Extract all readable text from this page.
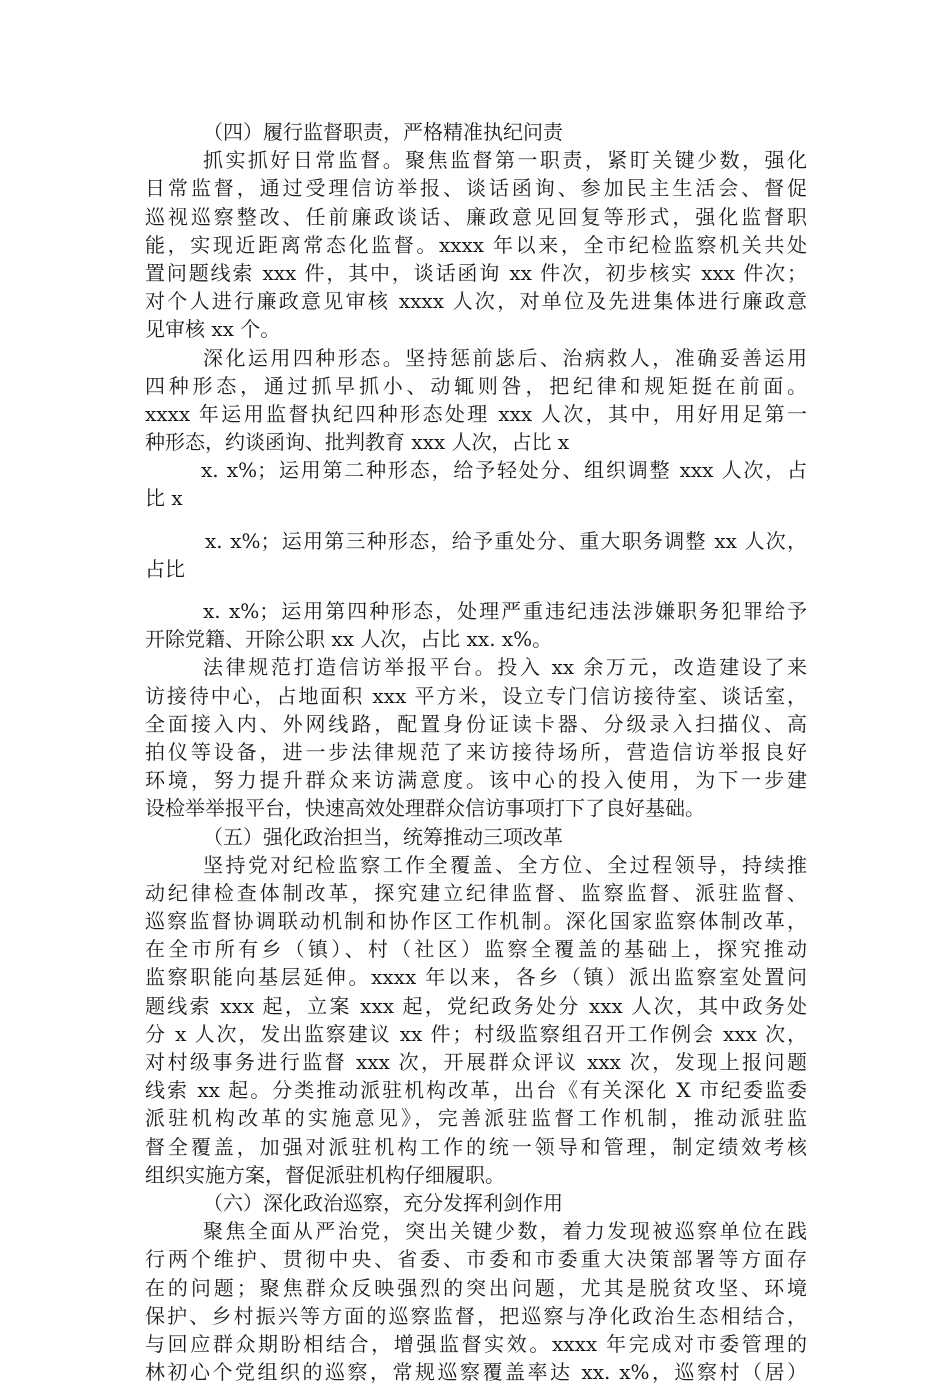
（四）履行监督职责，严格精准执纪问责
抓实抓好日常监督。聚焦监督第一职责，紧盯关键少数，强化
日常监督，通过受理信访举报、谈话函询、参加民主生活会、督促
巡视巡察整改、任前廉政谈话、廉政意见回复等形式，强化监督职
能，实现近距离常态化监督。xxxx 年以来，全市纪检监察机关共处
置问题线索 xxx 件，其中，谈话函询 xx 件次，初步核实 xxx 件次；
对个人进行廉政意见审核 xxxx 人次，对单位及先进集体进行廉政意
见审核 xx 个。
深化运用四种形态。坚持惩前毖后、治病救人，准确妥善运用
四种形态，通过抓早抓小、动辄则咎，把纪律和规矩挺在前面。
xxxx 年运用监督执纪四种形态处理 xxx 人次，其中，用好用足第一
种形态，约谈函询、批判教育 xxx 人次，占比 x
x. x%；运用第二种形态，给予轻处分、组织调整 xxx 人次，占
比 x
x. x%；运用第三种形态，给予重处分、重大职务调整 xx 人次，
占比
x. x%；运用第四种形态，处理严重违纪违法涉嫌职务犯罪给予
开除党籍、开除公职 xx 人次，占比 xx. x%。
法律规范打造信访举报平台。投入 xx 余万元，改造建设了来
访接待中心，占地面积 xxx 平方米，设立专门信访接待室、谈话室，
全面接入内、外网线路，配置身份证读卡器、分级录入扫描仪、高
拍仪等设备，进一步法律规范了来访接待场所，营造信访举报良好
环境，努力提升群众来访满意度。该中心的投入使用，为下一步建
设检举举报平台，快速高效处理群众信访事项打下了良好基础。
（五）强化政治担当，统筹推动三项改革
坚持党对纪检监察工作全覆盖、全方位、全过程领导，持续推
动纪律检查体制改革，探究建立纪律监督、监察监督、派驻监督、
巡察监督协调联动机制和协作区工作机制。深化国家监察体制改革，
在全市所有乡（镇）、村（社区）监察全覆盖的基础上，探究推动
监察职能向基层延伸。xxxx 年以来，各乡（镇）派出监察室处置问
题线索 xxx 起，立案 xxx 起，党纪政务处分 xxx 人次，其中政务处
分 x 人次，发出监察建议 xx 件；村级监察组召开工作例会 xxx 次，
对村级事务进行监督 xxx 次，开展群众评议 xxx 次，发现上报问题
线索 xx 起。分类推动派驻机构改革，出台《有关深化 X 市纪委监委
派驻机构改革的实施意见》，完善派驻监督工作机制，推动派驻监
督全覆盖，加强对派驻机构工作的统一领导和管理，制定绩效考核
组织实施方案，督促派驻机构仔细履职。
（六）深化政治巡察，充分发挥利剑作用
聚焦全面从严治党，突出关键少数，着力发现被巡察单位在践
行两个维护、贯彻中央、省委、市委和市委重大决策部署等方面存
在的问题；聚焦群众反映强烈的突出问题，尤其是脱贫攻坚、环境
保护、乡村振兴等方面的巡察监督，把巡察与净化政治生态相结合，
与回应群众期盼相结合，增强监督实效。xxxx 年完成对市委管理的
林初心个党组织的巡察，常规巡察覆盖率达 xx. x%，巡察村（居）
